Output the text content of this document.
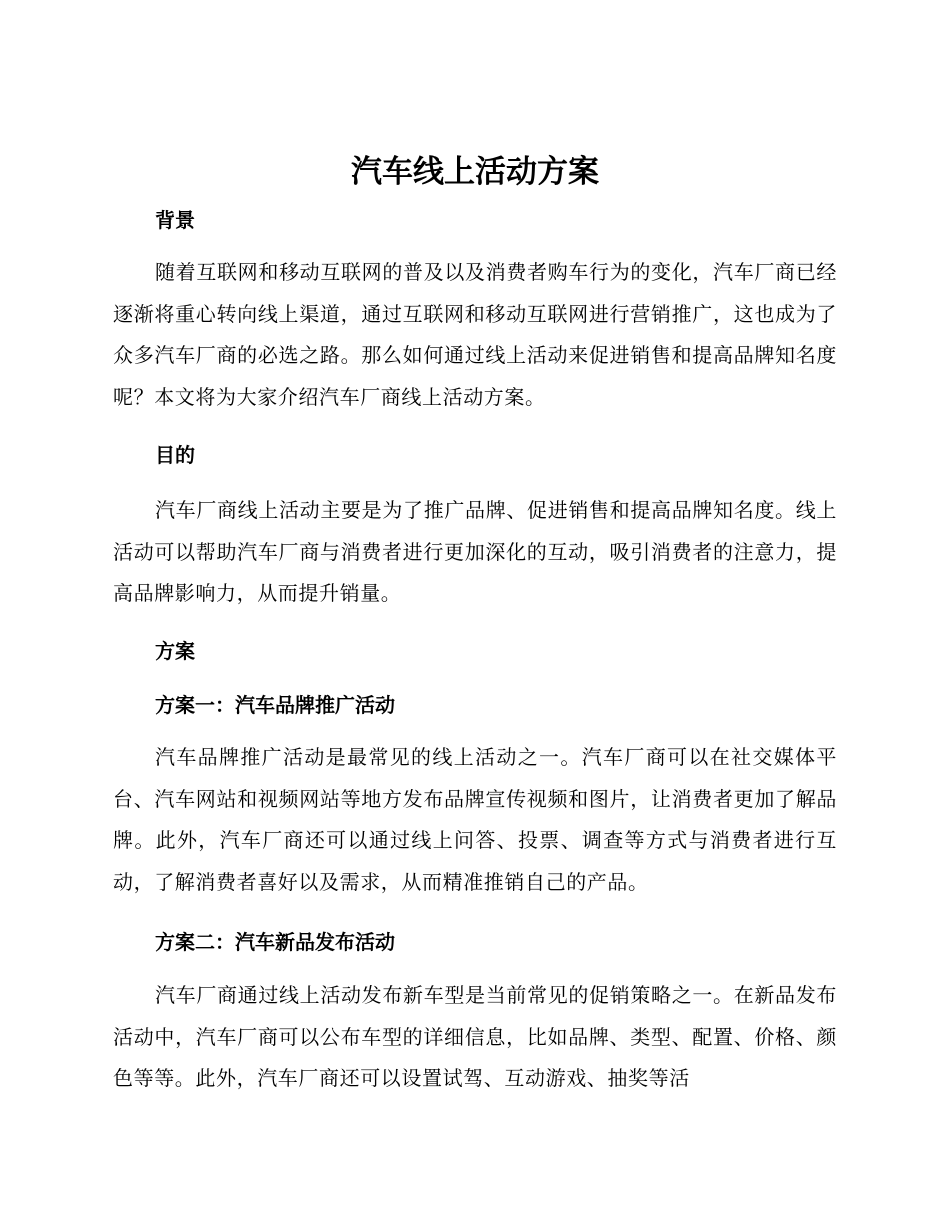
汽车线上活动方案
背景

随着互联网和移动互联网的普及以及消费者购车行为的变化，汽车厂商已经逐渐将重心转向线上渠道，通过互联网和移动互联网进行营销推广，这也成为了众多汽车厂商的必选之路。那么如何通过线上活动来促进销售和提高品牌知名度呢？本文将为大家介绍汽车厂商线上活动方案。

目的

汽车厂商线上活动主要是为了推广品牌、促进销售和提高品牌知名度。线上活动可以帮助汽车厂商与消费者进行更加深化的互动，吸引消费者的注意力，提高品牌影响力，从而提升销量。

方案
方案一：汽车品牌推广活动

汽车品牌推广活动是最常见的线上活动之一。汽车厂商可以在社交媒体平台、汽车网站和视频网站等地方发布品牌宣传视频和图片，让消费者更加了解品牌。此外，汽车厂商还可以通过线上问答、投票、调查等方式与消费者进行互动，了解消费者喜好以及需求，从而精准推销自己的产品。

方案二：汽车新品发布活动

汽车厂商通过线上活动发布新车型是当前常见的促销策略之一。在新品发布活动中，汽车厂商可以公布车型的详细信息，比如品牌、类型、配置、价格、颜色等等。此外，汽车厂商还可以设置试驾、互动游戏、抽奖等活
